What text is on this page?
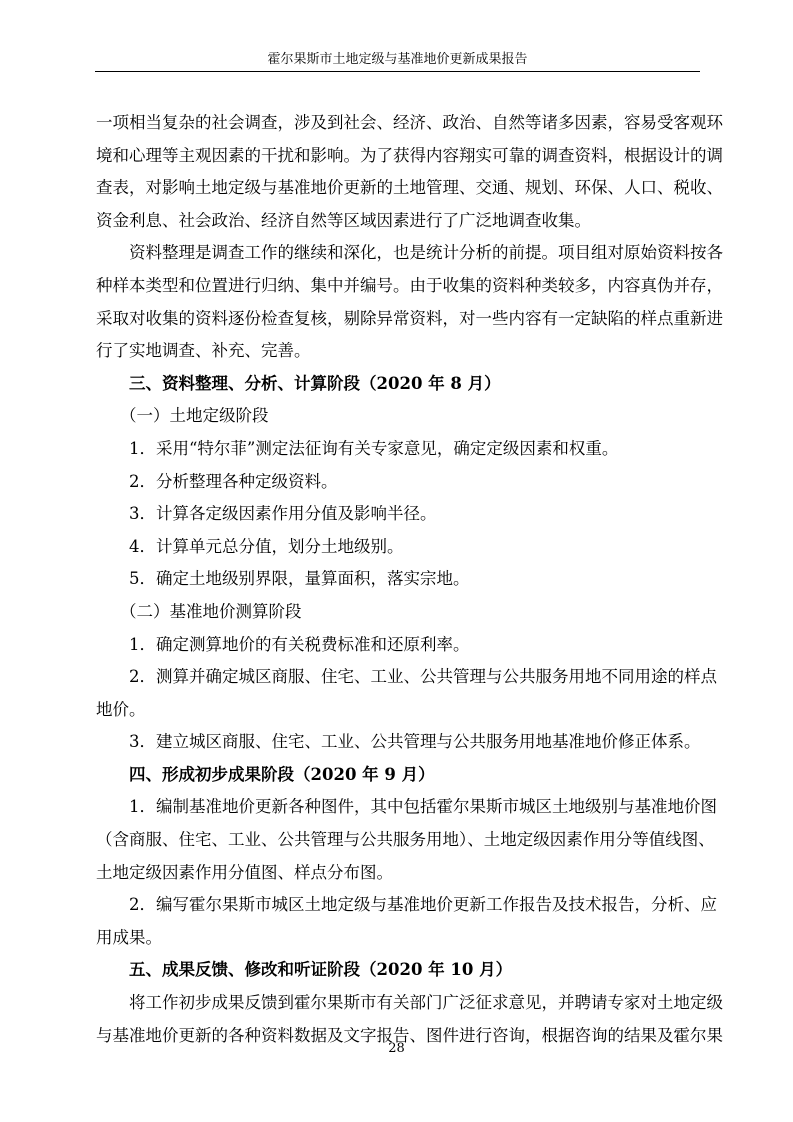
霍尔果斯市土地定级与基准地价更新成果报告
一项相当复杂的社会调查，涉及到社会、经济、政治、自然等诸多因素，容易受客观环
境和心理等主观因素的干扰和影响。为了获得内容翔实可靠的调查资料，根据设计的调
查表，对影响土地定级与基准地价更新的土地管理、交通、规划、环保、人口、税收、
资金利息、社会政治、经济自然等区域因素进行了广泛地调查收集。
资料整理是调查工作的继续和深化，也是统计分析的前提。项目组对原始资料按各
种样本类型和位置进行归纳、集中并编号。由于收集的资料种类较多，内容真伪并存，
采取对收集的资料逐份检查复核，剔除异常资料，对一些内容有一定缺陷的样点重新进
行了实地调查、补充、完善。
三、资料整理、分析、计算阶段（2020 年 8 月）
（一）土地定级阶段
1．采用“特尔菲”测定法征询有关专家意见，确定定级因素和权重。
2．分析整理各种定级资料。
3．计算各定级因素作用分值及影响半径。
4．计算单元总分值，划分土地级别。
5．确定土地级别界限，量算面积，落实宗地。
（二）基准地价测算阶段
1．确定测算地价的有关税费标准和还原利率。
2．测算并确定城区商服、住宅、工业、公共管理与公共服务用地不同用途的样点
地价。
3．建立城区商服、住宅、工业、公共管理与公共服务用地基准地价修正体系。
四、形成初步成果阶段（2020 年 9 月）
1．编制基准地价更新各种图件，其中包括霍尔果斯市城区土地级别与基准地价图
（含商服、住宅、工业、公共管理与公共服务用地）、土地定级因素作用分等值线图、
土地定级因素作用分值图、样点分布图。
2．编写霍尔果斯市城区土地定级与基准地价更新工作报告及技术报告，分析、应
用成果。
五、成果反馈、修改和听证阶段（2020 年 10 月）
将工作初步成果反馈到霍尔果斯市有关部门广泛征求意见，并聘请专家对土地定级
与基准地价更新的各种资料数据及文字报告、图件进行咨询，根据咨询的结果及霍尔果
28
